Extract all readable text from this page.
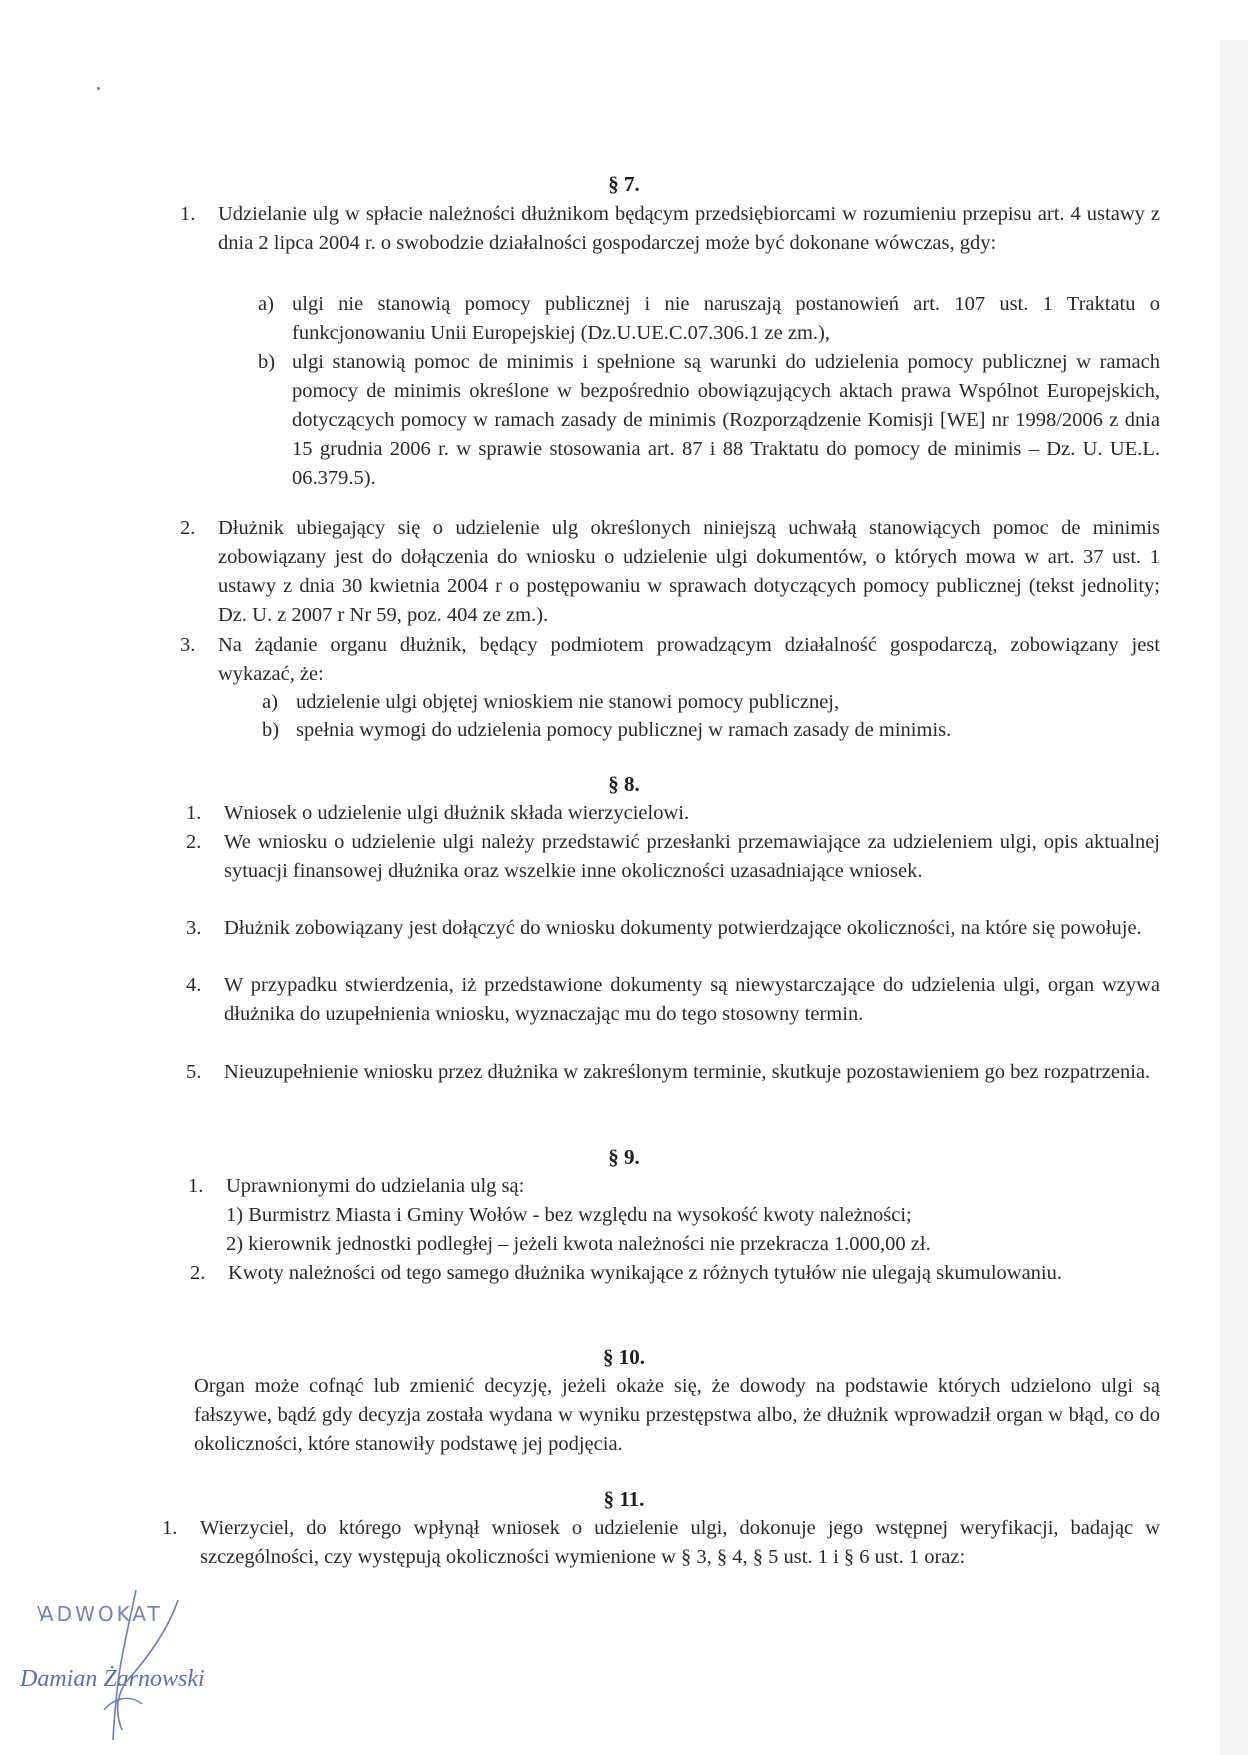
§ 7.
1. Udzielanie ulg w spłacie należności dłużnikom będącym przedsiębiorcami w rozumieniu przepisu art. 4 ustawy z dnia 2 lipca 2004 r. o swobodzie działalności gospodarczej może być dokonane wówczas, gdy:
a) ulgi nie stanowią pomocy publicznej i nie naruszają postanowień art. 107 ust. 1 Traktatu o funkcjonowaniu Unii Europejskiej (Dz.U.UE.C.07.306.1 ze zm.),
b) ulgi stanowią pomoc de minimis i spełnione są warunki do udzielenia pomocy publicznej w ramach pomocy de minimis określone w bezpośrednio obowiązujących aktach prawa Wspólnot Europejskich, dotyczących pomocy w ramach zasady de minimis (Rozporządzenie Komisji [WE] nr 1998/2006 z dnia 15 grudnia 2006 r. w sprawie stosowania art. 87 i 88 Traktatu do pomocy de minimis – Dz. U. UE.L. 06.379.5).
2. Dłużnik ubiegający się o udzielenie ulg określonych niniejszą uchwałą stanowiących pomoc de minimis zobowiązany jest do dołączenia do wniosku o udzielenie ulgi dokumentów, o których mowa w art. 37 ust. 1 ustawy z dnia 30 kwietnia 2004 r o postępowaniu w sprawach dotyczących pomocy publicznej (tekst jednolity; Dz. U. z 2007 r Nr 59, poz. 404 ze zm.).
3. Na żądanie organu dłużnik, będący podmiotem prowadzącym działalność gospodarczą, zobowiązany jest wykazać, że:
a) udzielenie ulgi objętej wnioskiem nie stanowi pomocy publicznej,
b) spełnia wymogi do udzielenia pomocy publicznej w ramach zasady de minimis.
§ 8.
1. Wniosek o udzielenie ulgi dłużnik składa wierzycielowi.
2. We wniosku o udzielenie ulgi należy przedstawić przesłanki przemawiające za udzieleniem ulgi, opis aktualnej sytuacji finansowej dłużnika oraz wszelkie inne okoliczności uzasadniające wniosek.
3. Dłużnik zobowiązany jest dołączyć do wniosku dokumenty potwierdzające okoliczności, na które się powołuje.
4. W przypadku stwierdzenia, iż przedstawione dokumenty są niewystarczające do udzielenia ulgi, organ wzywa dłużnika do uzupełnienia wniosku, wyznaczając mu do tego stosowny termin.
5. Nieuzupełnienie wniosku przez dłużnika w zakreślonym terminie, skutkuje pozostawieniem go bez rozpatrzenia.
§ 9.
1. Uprawnionymi do udzielania ulg są:
1) Burmistrz Miasta i Gminy Wołów - bez względu na wysokość kwoty należności;
2) kierownik jednostki podległej – jeżeli kwota należności nie przekracza 1.000,00 zł.
2. Kwoty należności od tego samego dłużnika wynikające z różnych tytułów nie ulegają skumulowaniu.
§ 10.
Organ może cofnąć lub zmienić decyzję, jeżeli okaże się, że dowody na podstawie których udzielono ulgi są fałszywe, bądź gdy decyzja została wydana w wyniku przestępstwa albo, że dłużnik wprowadził organ w błąd, co do okoliczności, które stanowiły podstawę jej podjęcia.
§ 11.
1. Wierzyciel, do którego wpłynął wniosek o udzielenie ulgi, dokonuje jego wstępnej weryfikacji, badając w szczególności, czy występują okoliczności wymienione w § 3, § 4, § 5 ust. 1 i § 6 ust. 1 oraz:
ADWOKAT
Damian Żarnowski
